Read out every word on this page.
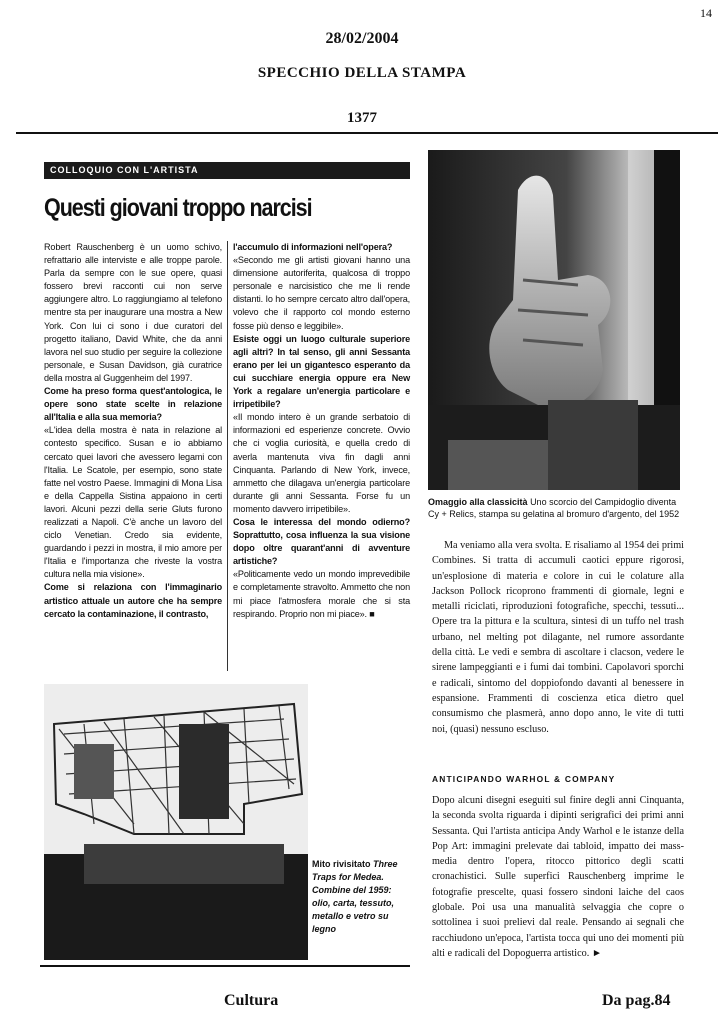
14
28/02/2004
SPECCHIO DELLA STAMPA
1377
COLLOQUIO CON L'ARTISTA
Questi giovani troppo narcisi

Robert Rauschenberg è un uomo schivo, refrattario alle interviste e alle troppe parole. Parla da sempre con le sue opere, quasi fossero brevi racconti cui non serve aggiungere altro. Lo raggiungiamo al telefono mentre sta per inaugurare una mostra a New York. Con lui ci sono i due curatori del progetto italiano, David White, che da anni lavora nel suo studio per seguire la collezione personale, e Susan Davidson, già curatrice della mostra al Guggenheim del 1997.

Come ha preso forma quest'antologica, le opere sono state scelte in relazione all'Italia e alla sua memoria?

«L'idea della mostra è nata in relazione al contesto specifico. Susan e io abbiamo cercato quei lavori che avessero legami con l'Italia. Le Scatole, per esempio, sono state fatte nel vostro Paese. Immagini di Mona Lisa e della Cappella Sistina appaiono in certi lavori. Alcuni pezzi della serie Gluts furono realizzati a Napoli. C'è anche un lavoro del ciclo Venetian. Credo sia evidente, guardando i pezzi in mostra, il mio amore per l'Italia e l'importanza che riveste la vostra cultura nella mia visione».

Come si relaziona con l'immaginario artistico attuale un autore che ha sempre cercato la contaminazione, il contrasto,

l'accumulo di informazioni nell'opera?

«Secondo me gli artisti giovani hanno una dimensione autoriferita, qualcosa di troppo personale e narcisistico che me li rende distanti. Io ho sempre cercato altro dall'opera, volevo che il rapporto col mondo esterno fosse più denso e leggibile».

Esiste oggi un luogo culturale superiore agli altri? In tal senso, gli anni Sessanta erano per lei un gigantesco esperanto da cui succhiare energia oppure era New York a regalare un'energia particolare e irripetibile?

«Il mondo intero è un grande serbatoio di informazioni ed esperienze concrete. Ovvio che ci voglia curiosità, e quella credo di averla mantenuta viva fin dagli anni Cinquanta. Parlando di New York, invece, ammetto che dilagava un'energia particolare durante gli anni Sessanta. Forse fu un momento davvero irripetibile».

Cosa le interessa del mondo odierno? Soprattutto, cosa influenza la sua visione dopo oltre quarant'anni di avventure artistiche?

«Politicamente vedo un mondo imprevedibile e completamente stravolto. Ammetto che non mi piace l'atmosfera morale che si sta respirando. Proprio non mi piace». ■

Omaggio alla classicità Uno scorcio del Campidoglio diventa Cy + Relics, stampa su gelatina al bromuro d'argento, del 1952

Ma veniamo alla vera svolta. E risaliamo al 1954 dei primi Combines. Si tratta di accumuli caotici eppure rigorosi, un'esplosione di materia e colore in cui le colature alla Jackson Pollock ricoprono frammenti di giornale, legni e metalli riciclati, riproduzioni fotografiche, specchi, tessuti... Opere tra la pittura e la scultura, sintesi di un tuffo nel trash urbano, nel melting pot dilagante, nel rumore assordante della città. Le vedi e sembra di ascoltare i clacson, vedere le sirene lampeggianti e i fumi dai tombini. Capolavori sporchi e radicali, sintomo del doppiofondo davanti al benessere in espansione. Frammenti di coscienza etica dietro quel consumismo che plasmerà, anno dopo anno, le vite di tutti noi, (quasi) nessuno escluso.

ANTICIPANDO WARHOL & COMPANY

Dopo alcuni disegni eseguiti sul finire degli anni Cinquanta, la seconda svolta riguarda i dipinti serigrafici dei primi anni Sessanta. Qui l'artista anticipa Andy Warhol e le istanze della Pop Art: immagini prelevate dai tabloid, impatto dei mass-media dentro l'opera, ritocco pittorico degli scatti cronachistici. Sulle superfici Rauschenberg imprime le fotografie prescelte, quasi fossero sindoni laiche del caos globale. Poi usa una manualità selvaggia che copre o sottolinea i suoi prelievi dal reale. Pensando ai segnali che racchiudono un'epoca, l'artista tocca qui uno dei momenti più alti e radicali del Dopoguerra artistico. ►

Mito rivisitato Three Traps for Medea. Combine del 1959: olio, carta, tessuto, metallo e vetro su legno
Cultura	Da pag.84
